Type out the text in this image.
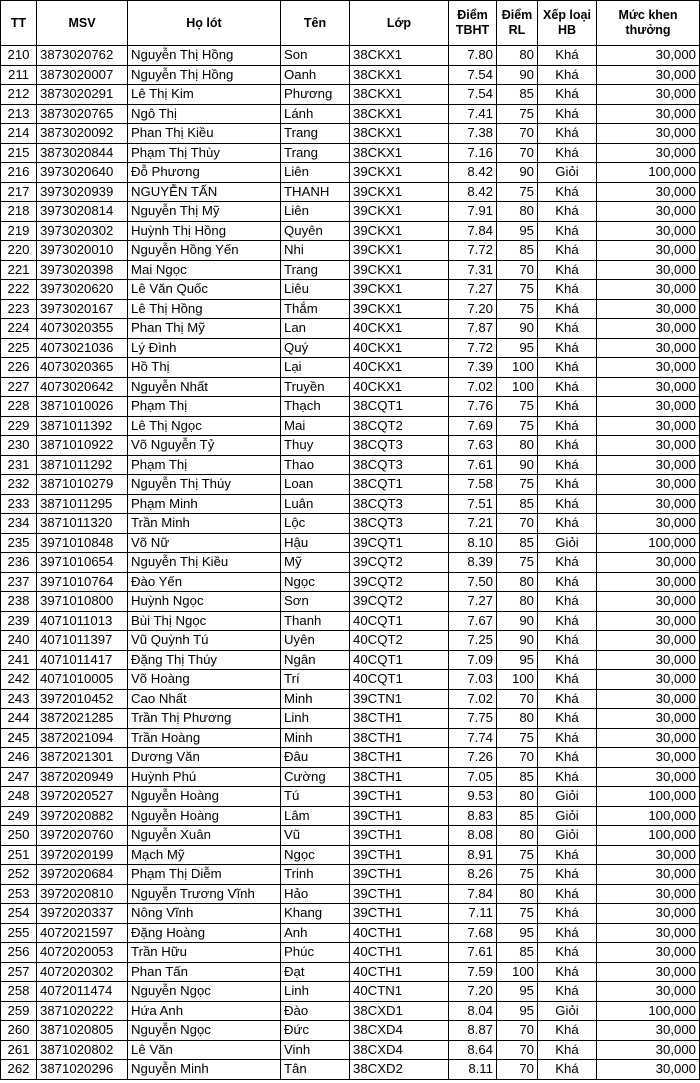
TT	MSV	Họ lót	Tên	Lớp	Điểm TBHT	Điểm RL	Xếp loại HB	Mức khen thưởng
210	3873020762	Nguyễn Thị Hồng	Son	38CKX1	7.80	80	Khá	30,000
211	3873020007	Nguyễn Thị Hồng	Oanh	38CKX1	7.54	90	Khá	30,000
212	3873020291	Lê Thị Kim	Phương	38CKX1	7.54	85	Khá	30,000
213	3873020765	Ngô Thị	Lánh	38CKX1	7.41	75	Khá	30,000
214	3873020092	Phan Thị Kiều	Trang	38CKX1	7.38	70	Khá	30,000
215	3873020844	Phạm Thị Thùy	Trang	38CKX1	7.16	70	Khá	30,000
216	3973020640	Đỗ Phương	Liên	39CKX1	8.42	90	Giỏi	100,000
217	3973020939	NGUYỄN TẤN	THANH	39CKX1	8.42	75	Khá	30,000
218	3973020814	Nguyễn Thị Mỹ	Liên	39CKX1	7.91	80	Khá	30,000
219	3973020302	Huỳnh Thị Hồng	Quyên	39CKX1	7.84	95	Khá	30,000
220	3973020010	Nguyễn Hồng Yến	Nhi	39CKX1	7.72	85	Khá	30,000
221	3973020398	Mai Ngọc	Trang	39CKX1	7.31	70	Khá	30,000
222	3973020620	Lê Văn Quốc	Liêu	39CKX1	7.27	75	Khá	30,000
223	3973020167	Lê Thị Hồng	Thắm	39CKX1	7.20	75	Khá	30,000
224	4073020355	Phan Thị Mỹ	Lan	40CKX1	7.87	90	Khá	30,000
225	4073021036	Lý Đình	Quý	40CKX1	7.72	95	Khá	30,000
226	4073020365	Hồ Thị	Lại	40CKX1	7.39	100	Khá	30,000
227	4073020642	Nguyễn Nhất	Truyền	40CKX1	7.02	100	Khá	30,000
228	3871010026	Phạm Thị	Thạch	38CQT1	7.76	75	Khá	30,000
229	3871011392	Lê Thị Ngọc	Mai	38CQT2	7.69	75	Khá	30,000
230	3871010922	Võ Nguyễn Tỷ	Thuy	38CQT3	7.63	80	Khá	30,000
231	3871011292	Phạm Thị	Thao	38CQT3	7.61	90	Khá	30,000
232	3871010279	Nguyễn Thị Thúy	Loan	38CQT1	7.58	75	Khá	30,000
233	3871011295	Phạm Minh	Luân	38CQT3	7.51	85	Khá	30,000
234	3871011320	Trần Minh	Lộc	38CQT3	7.21	70	Khá	30,000
235	3971010848	Võ Nữ	Hậu	39CQT1	8.10	85	Giỏi	100,000
236	3971010654	Nguyễn Thị Kiều	Mỹ	39CQT2	8.39	75	Khá	30,000
237	3971010764	Đào Yến	Ngọc	39CQT2	7.50	80	Khá	30,000
238	3971010800	Huỳnh Ngọc	Sơn	39CQT2	7.27	80	Khá	30,000
239	4071011013	Bùi Thị Ngọc	Thanh	40CQT1	7.67	90	Khá	30,000
240	4071011397	Vũ Quỳnh Tú	Uyên	40CQT2	7.25	90	Khá	30,000
241	4071011417	Đặng Thị Thúy	Ngân	40CQT1	7.09	95	Khá	30,000
242	4071010005	Võ Hoàng	Trí	40CQT1	7.03	100	Khá	30,000
243	3972010452	Cao Nhất	Minh	39CTN1	7.02	70	Khá	30,000
244	3872021285	Trần Thị Phương	Linh	38CTH1	7.75	80	Khá	30,000
245	3872021094	Trần Hoàng	Minh	38CTH1	7.74	75	Khá	30,000
246	3872021301	Dương Văn	Đâu	38CTH1	7.26	70	Khá	30,000
247	3872020949	Huỳnh Phú	Cường	38CTH1	7.05	85	Khá	30,000
248	3972020527	Nguyễn Hoàng	Tú	39CTH1	9.53	80	Giỏi	100,000
249	3972020882	Nguyễn Hoàng	Lâm	39CTH1	8.83	85	Giỏi	100,000
250	3972020760	Nguyễn Xuân	Vũ	39CTH1	8.08	80	Giỏi	100,000
251	3972020199	Mạch Mỹ	Ngọc	39CTH1	8.91	75	Khá	30,000
252	3972020684	Phạm Thị Diễm	Trinh	39CTH1	8.26	75	Khá	30,000
253	3972020810	Nguyễn Trương Vĩnh	Hảo	39CTH1	7.84	80	Khá	30,000
254	3972020337	Nông Vĩnh	Khang	39CTH1	7.11	75	Khá	30,000
255	4072021597	Đặng Hoàng	Anh	40CTH1	7.68	95	Khá	30,000
256	4072020053	Trần Hữu	Phúc	40CTH1	7.61	85	Khá	30,000
257	4072020302	Phan Tấn	Đạt	40CTH1	7.59	100	Khá	30,000
258	4072011474	Nguyễn Ngọc	Linh	40CTN1	7.20	95	Khá	30,000
259	3871020222	Hứa Anh	Đào	38CXD1	8.04	95	Giỏi	100,000
260	3871020805	Nguyễn Ngọc	Đức	38CXD4	8.87	70	Khá	30,000
261	3871020802	Lê Văn	Vinh	38CXD4	8.64	70	Khá	30,000
262	3871020296	Nguyễn Minh	Tân	38CXD2	8.11	70	Khá	30,000
